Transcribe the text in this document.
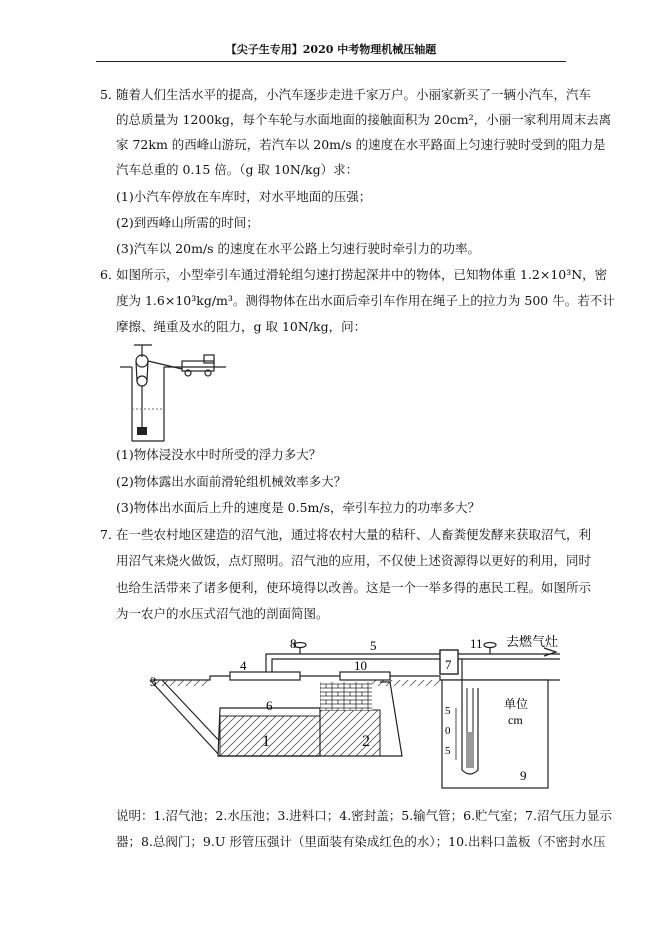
【尖子生专用】2020 中考物理机械压轴题
5．
随着人们生活水平的提高，小汽车逐步走进千家万户。小丽家新买了一辆小汽车，汽车
的总质量为 1200kg，每个车轮与水面地面的接触面积为 20cm²，小丽一家利用周末去离
家 72km 的西峰山游玩，若汽车以 20m/s 的速度在水平路面上匀速行驶时受到的阻力是
汽车总重的 0.15 倍。（g 取 10N/kg）求：
(1)小汽车停放在车库时，对水平地面的压强；
(2)到西峰山所需的时间；
(3)汽车以 20m/s 的速度在水平公路上匀速行驶时牵引力的功率。
6．
如图所示，小型牵引车通过滑轮组匀速打捞起深井中的物体，已知物体重 1.2×10³N，密
度为 1.6×10³kg/m³。测得物体在出水面后牵引车作用在绳子上的拉力为 500 牛。若不计
摩擦、绳重及水的阻力，g 取 10N/kg，问：
(1)物体浸没水中时所受的浮力多大？
(2)物体露出水面前滑轮组机械效率多大？
(3)物体出水面后上升的速度是 0.5m/s，牵引车拉力的功率多大？
7．
在一些农村地区建造的沼气池，通过将农村大量的秸秆、人畜粪便发酵来获取沼气，利
用沼气来烧火做饭，点灯照明。沼气池的应用，不仅使上述资源得以更好的利用，同时
也给生活带来了诸多便利，使环境得以改善。这是一个一举多得的惠民工程。如图所示
为一农户的水压式沼气池的剖面简图。
3
4
5
6
7
8
9
10
11
1	2
去燃气灶
单位
cm
5
0
5
说明：1.沼气池；2.水压池；3.进料口；4.密封盖；5.输气管；6.贮气室；7.沼气压力显示
器；8.总阀门；9.U 形管压强计（里面装有染成红色的水）；10.出料口盖板（不密封水压
